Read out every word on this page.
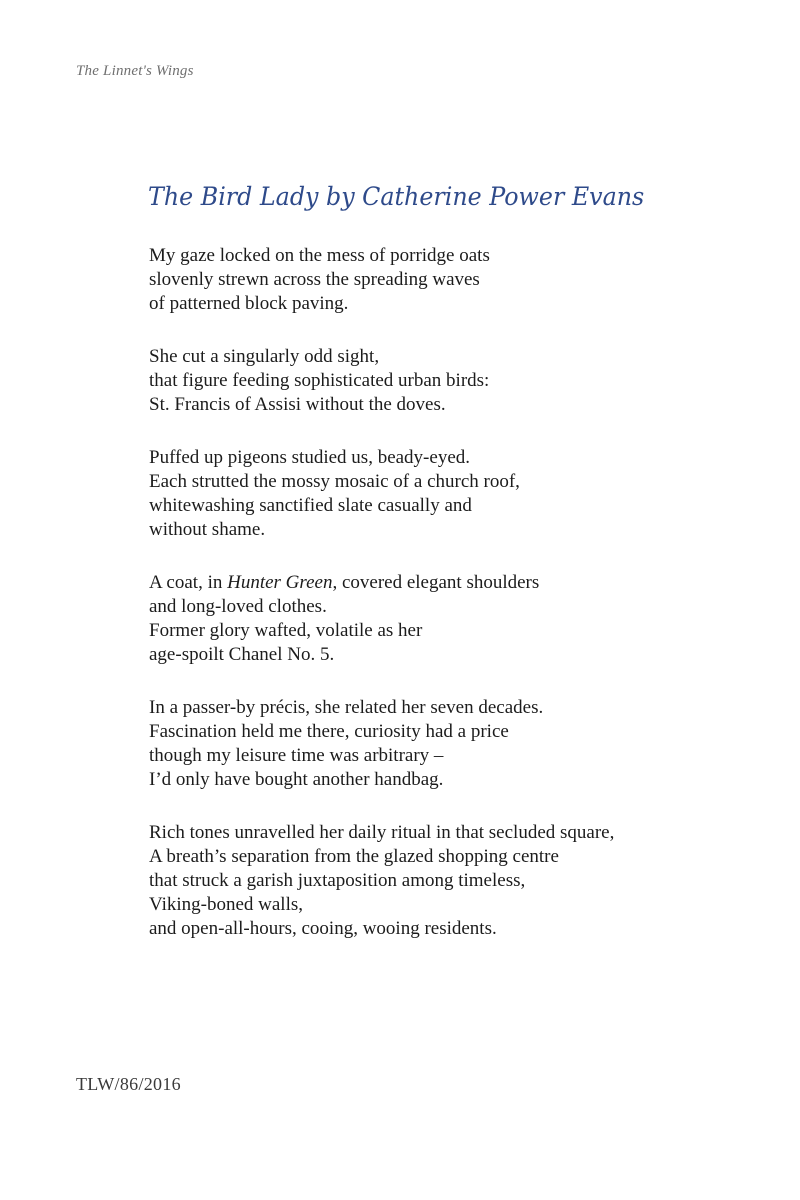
The Linnet's Wings
The Bird Lady by Catherine Power Evans
My gaze locked on the mess of porridge oats
slovenly strewn across the spreading waves
of patterned block paving.
She cut a singularly odd sight,
that figure feeding sophisticated urban birds:
St. Francis of Assisi without the doves.
Puffed up pigeons studied us, beady-eyed.
Each strutted the mossy mosaic of a church roof,
whitewashing sanctified slate casually and
without shame.
A coat, in Hunter Green, covered elegant shoulders
and long-loved clothes.
Former glory wafted, volatile as her
age-spoilt Chanel No. 5.
In a passer-by précis, she related her seven decades.
Fascination held me there, curiosity had a price
though my leisure time was arbitrary –
I’d only have bought another handbag.
Rich tones unravelled her daily ritual in that secluded square,
A breath’s separation from the glazed shopping centre
that struck a garish juxtaposition among timeless,
Viking-boned walls,
and open-all-hours, cooing, wooing residents.
TLW/86/2016
